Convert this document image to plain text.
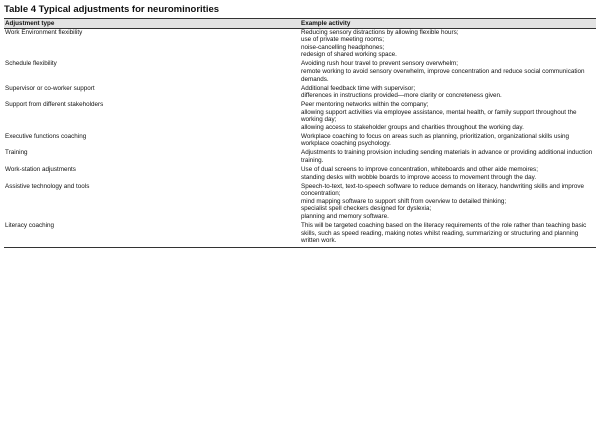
Table 4 Typical adjustments for neurominorities
Adjustment type	Example activity
Work Environment flexibility	Reducing sensory distractions by allowing flexible hours;
use of private meeting rooms;
noise-cancelling headphones;
redesign of shared working space.

Schedule flexibility	Avoiding rush hour travel to prevent sensory overwhelm;
remote working to avoid sensory overwhelm, improve concentration and reduce social communication demands.

Supervisor or co-worker support	Additional feedback time with supervisor;
differences in instructions provided—more clarity or concreteness given.

Support from different stakeholders	Peer mentoring networks within the company;
allowing support activities via employee assistance, mental health, or family support throughout the working day;
allowing access to stakeholder groups and charities throughout the working day.

Executive functions coaching	Workplace coaching to focus on areas such as planning, prioritization, organizational skills using workplace coaching psychology.

Training	Adjustments to training provision including sending materials in advance or providing additional induction training.

Work-station adjustments	Use of dual screens to improve concentration, whiteboards and other aide memoires;
standing desks with wobble boards to improve access to movement through the day.

Assistive technology and tools	Speech-to-text, text-to-speech software to reduce demands on literacy, handwriting skills and improve concentration;
mind mapping software to support shift from overview to detailed thinking;
specialist spell checkers designed for dyslexia;
planning and memory software.

Literacy coaching	This will be targeted coaching based on the literacy requirements of the role rather than teaching basic skills, such as speed reading, making notes whilst reading, summarizing or structuring and planning written work.
